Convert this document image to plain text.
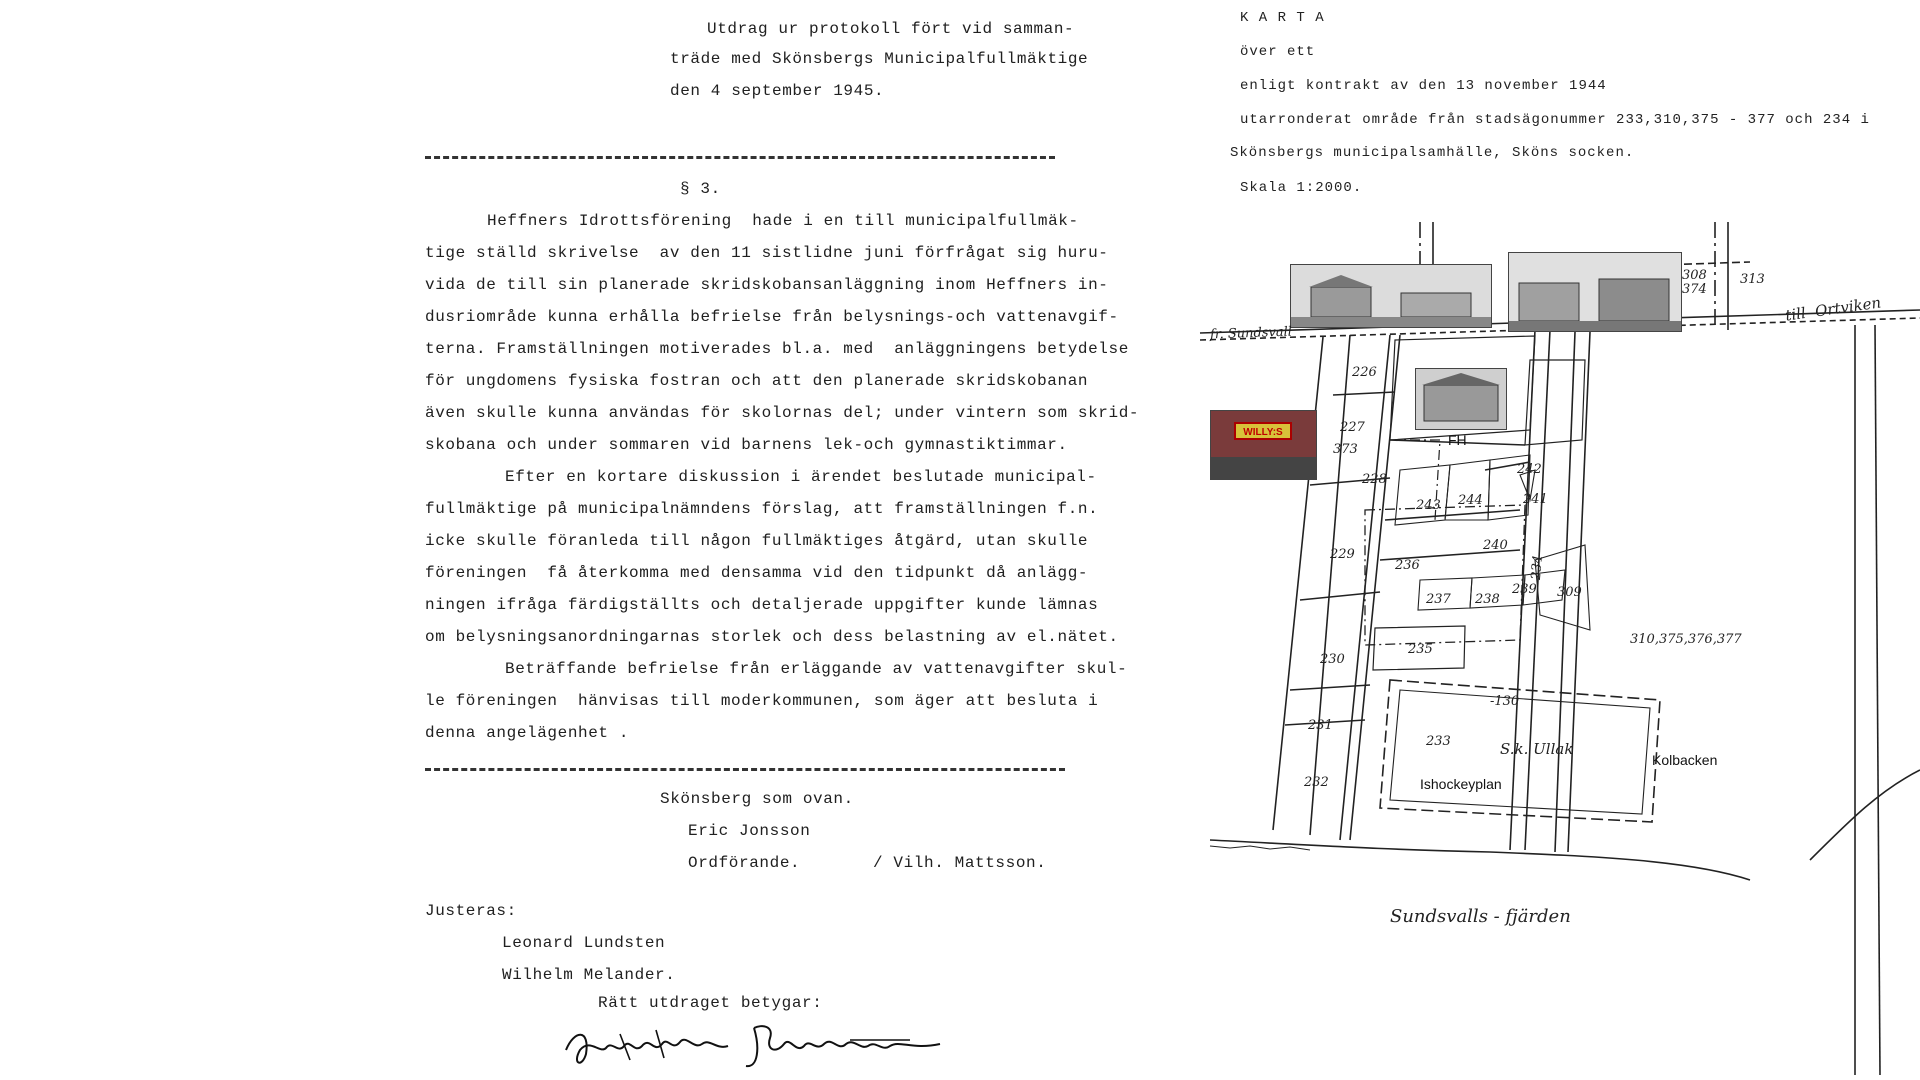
Utdrag ur protokoll fört vid samman-
träde med Skönsbergs Municipalfullmäktige
den 4 september 1945.
§ 3.
Heffners Idrottsförening  hade i en till municipalfullmäk-
tige ställd skrivelse  av den 11 sistlidne juni förfrågat sig huru-
vida de till sin planerade skridskobansanläggning inom Heffners in-
dusriområde kunna erhålla befrielse från belysnings-och vattenavgif-
terna. Framställningen motiverades bl.a. med  anläggningens betydelse
för ungdomens fysiska fostran och att den planerade skridskobanan
även skulle kunna användas för skolornas del; under vintern som skrid-
skobana och under sommaren vid barnens lek-och gymnastiktimmar.
Efter en kortare diskussion i ärendet beslutade municipal-
fullmäktige på municipalnämndens förslag, att framställningen f.n.
icke skulle föranleda till någon fullmäktiges åtgärd, utan skulle
föreningen  få återkomma med densamma vid den tidpunkt då anlägg-
ningen ifråga färdigställts och detaljerade uppgifter kunde lämnas
om belysningsanordningarnas storlek och dess belastning av el.nätet.
Beträffande befrielse från erläggande av vattenavgifter skul-
le föreningen  hänvisas till moderkommunen, som äger att besluta i
denna angelägenhet .
Skönsberg som ovan.
Eric Jonsson
Ordförande.	/ Vilh. Mattsson.
Justeras:
Leonard Lundsten
Wilhelm Melander.
Rätt utdraget betygar:
K A R T A
över ett
enligt kontrakt av den 13 november 1944
utarronderat område från stadsägonummer 233,310,375 - 377 och 234 i
Skönsbergs municipalsamhälle, Sköns socken.
Skala 1:2000.
FH
WILLY:S
fr. Sundsvall
till  Ortviken
226
227
373
228
243 244
242
241
240
229
236
237 238
239 309
235
230
231
232
233
234
308
374
313
310,375,376,377
-130
S.k. Ullak
Ishockeyplan
Kolbacken
Sundsvalls - fjärden
